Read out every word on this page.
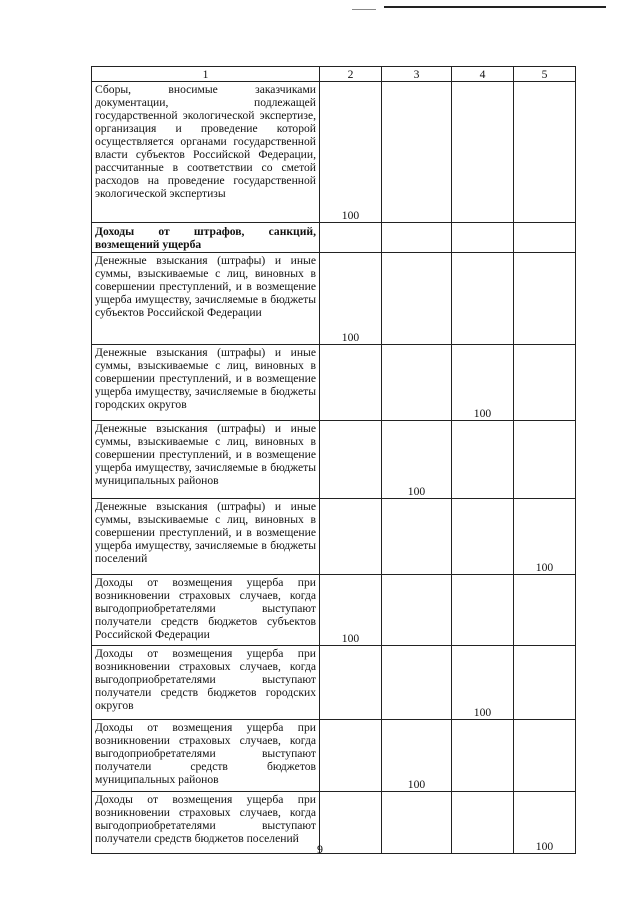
1	2	3	4	5
Сборы, вносимые заказчиками документации, подлежащей государственной экологической экспертизе, организация и проведение которой осуществляется органами государственной власти субъектов Российской Федерации, рассчитанные в соответствии со сметой расходов на проведение государственной экологической экспертизы	100			
Доходы от штрафов, санкций, возмещений ущерба				
Денежные взыскания (штрафы) и иные суммы, взыскиваемые с лиц, виновных в совершении преступлений, и в возмещение ущерба имуществу, зачисляемые в бюджеты субъектов Российской Федерации	100			
Денежные взыскания (штрафы) и иные суммы, взыскиваемые с лиц, виновных в совершении преступлений, и в возмещение ущерба имуществу, зачисляемые в бюджеты городских округов			100	
Денежные взыскания (штрафы) и иные суммы, взыскиваемые с лиц, виновных в совершении преступлений, и в возмещение ущерба имуществу, зачисляемые в бюджеты муниципальных районов		100		
Денежные взыскания (штрафы) и иные суммы, взыскиваемые с лиц, виновных в совершении преступлений, и в возмещение ущерба имуществу, зачисляемые в бюджеты поселений				100
Доходы от возмещения ущерба при возникновении страховых случаев, когда выгодоприобретателями выступают получатели средств бюджетов субъектов Российской Федерации	100			
Доходы от возмещения ущерба при возникновении страховых случаев, когда выгодоприобретателями выступают получатели средств бюджетов городских округов			100	
Доходы от возмещения ущерба при возникновении страховых случаев, когда выгодоприобретателями выступают получатели средств бюджетов муниципальных районов		100		
Доходы от возмещения ущерба при возникновении страховых случаев, когда выгодоприобретателями выступают получатели средств бюджетов поселений				100
9
